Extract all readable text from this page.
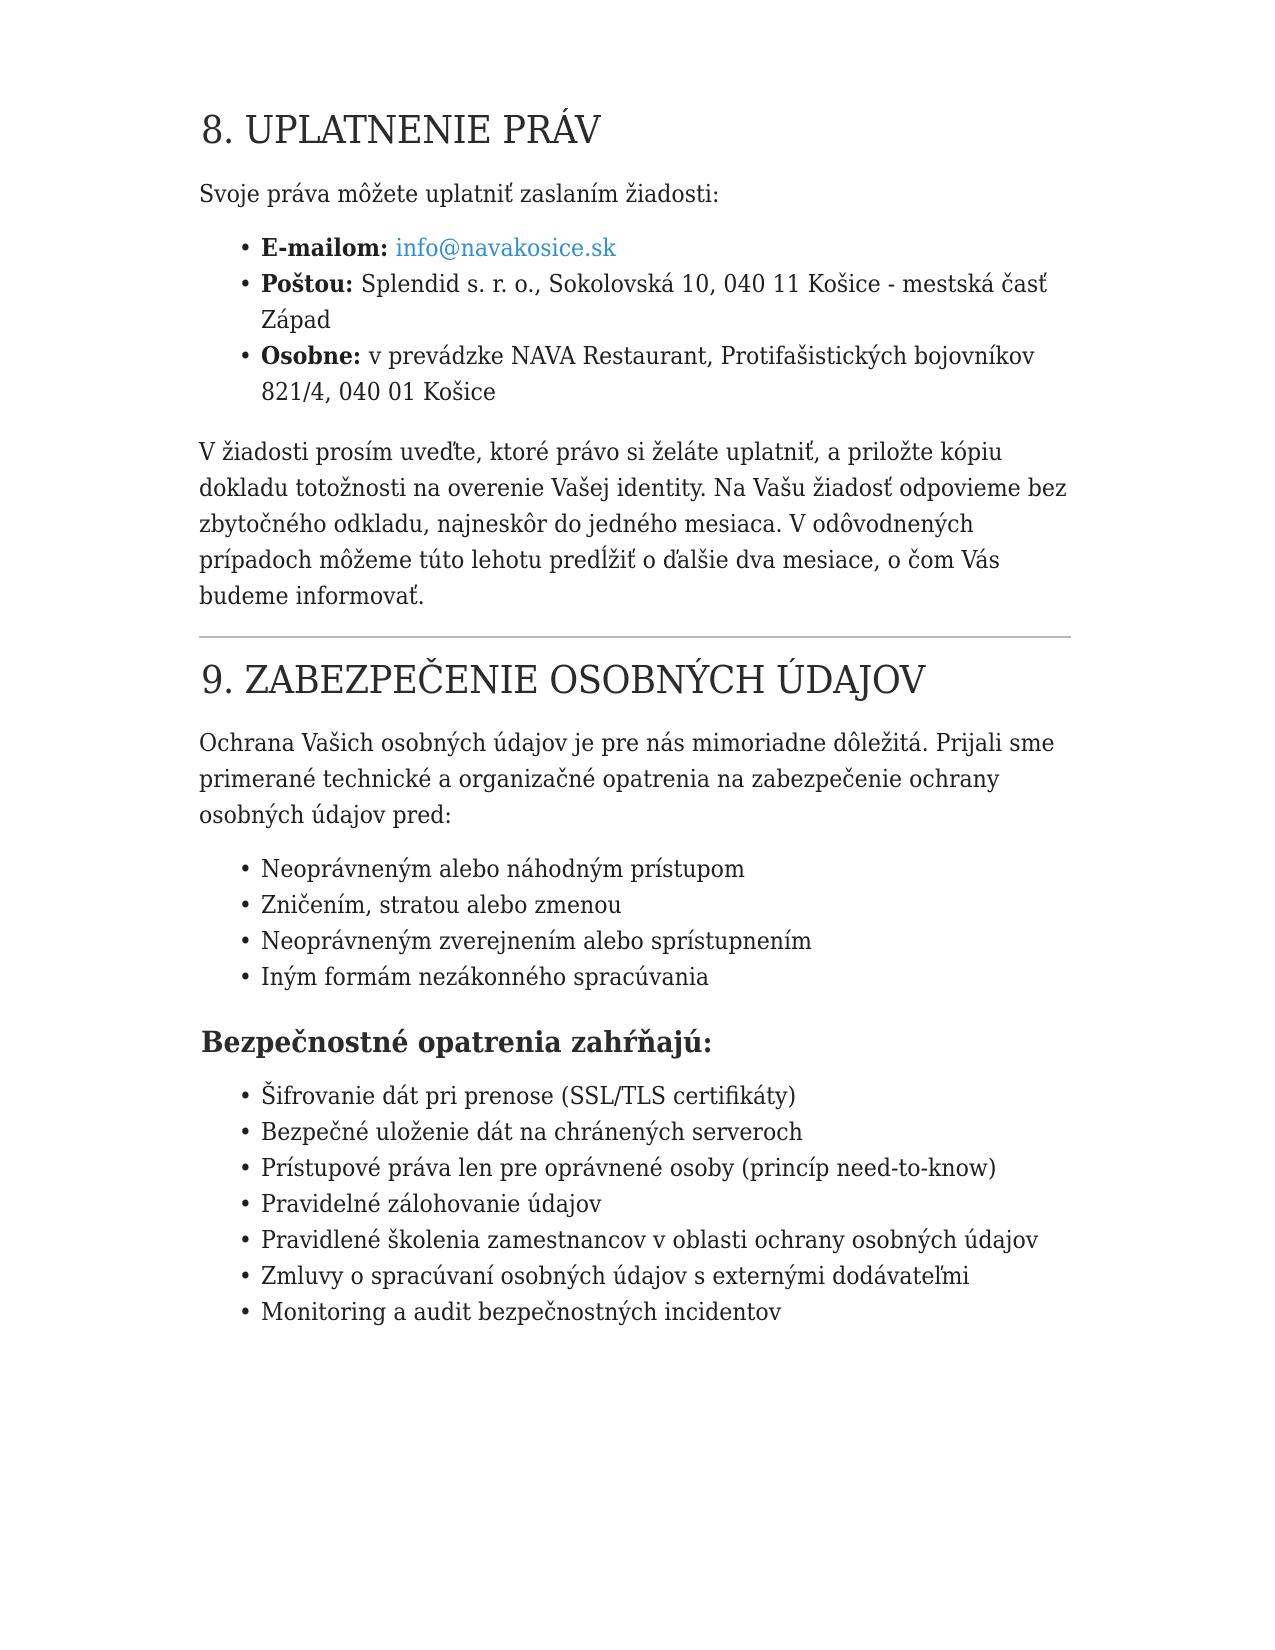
8. UPLATNENIE PRÁV

Svoje práva môžete uplatniť zaslaním žiadosti:

• E-mailom: info@navakosice.sk
• Poštou: Splendid s. r. o., Sokolovská 10, 040 11 Košice - mestská časť Západ
• Osobne: v prevádzke NAVA Restaurant, Protifašistických bojovníkov 821/4, 040 01 Košice

V žiadosti prosím uveďte, ktoré právo si želáte uplatniť, a priložte kópiu dokladu totožnosti na overenie Vašej identity. Na Vašu žiadosť odpovieme bez zbytočného odkladu, najneskôr do jedného mesiaca. V odôvodnených prípadoch môžeme túto lehotu predĺžiť o ďalšie dva mesiace, o čom Vás budeme informovať.

9. ZABEZPEČENIE OSOBNÝCH ÚDAJOV

Ochrana Vašich osobných údajov je pre nás mimoriadne dôležitá. Prijali sme primerané technické a organizačné opatrenia na zabezpečenie ochrany osobných údajov pred:

• Neoprávneným alebo náhodným prístupom
• Zničením, stratou alebo zmenou
• Neoprávneným zverejnením alebo sprístupnením
• Iným formám nezákonného spracúvania
Bezpečnostné opatrenia zahŕňajú:
• Šifrovanie dát pri prenose (SSL/TLS certifikáty)
• Bezpečné uloženie dát na chránených serveroch
• Prístupové práva len pre oprávnené osoby (princíp need-to-know)
• Pravidelné zálohovanie údajov
• Pravidlené školenia zamestnancov v oblasti ochrany osobných údajov
• Zmluvy o spracúvaní osobných údajov s externými dodávateľmi
• Monitoring a audit bezpečnostných incidentov
